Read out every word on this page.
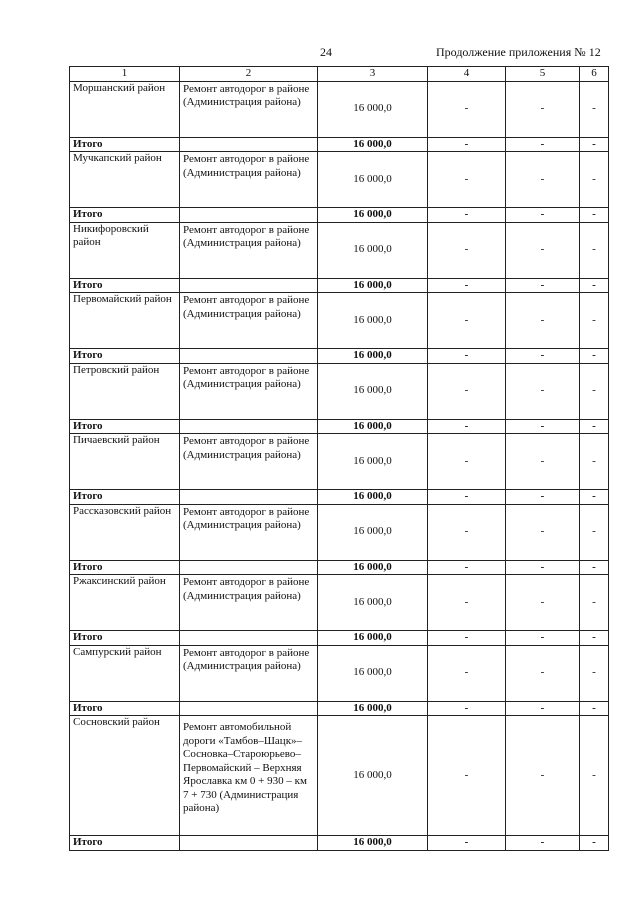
24	Продолжение приложения № 12
1	2	3	4	5	6
Моршанский район	Ремонт автодорог в районе (Администрация района)	16 000,0	-	-	-
Итого		16 000,0	-	-	-
Мучкапский район	Ремонт автодорог в районе (Администрация района)	16 000,0	-	-	-
Итого		16 000,0	-	-	-
Никифоровский район	Ремонт автодорог в районе (Администрация района)	16 000,0	-	-	-
Итого		16 000,0	-	-	-
Первомайский район	Ремонт автодорог в районе (Администрация района)	16 000,0	-	-	-
Итого		16 000,0	-	-	-
Петровский район	Ремонт автодорог в районе (Администрация района)	16 000,0	-	-	-
Итого		16 000,0	-	-	-
Пичаевский район	Ремонт автодорог в районе (Администрация района)	16 000,0	-	-	-
Итого		16 000,0	-	-	-
Рассказовский район	Ремонт автодорог в районе (Администрация района)	16 000,0	-	-	-
Итого		16 000,0	-	-	-
Ржаксинский район	Ремонт автодорог в районе (Администрация района)	16 000,0	-	-	-
Итого		16 000,0	-	-	-
Сампурский район	Ремонт автодорог в районе (Администрация района)	16 000,0	-	-	-
Итого		16 000,0	-	-	-
Сосновский район	Ремонт автомобильной дороги «Тамбов–Шацк»–Сосновка–Староюрьево–Первомайский – Верхняя Ярославка км 0 + 930 – км 7 + 730 (Администрация района)	16 000,0	-	-	-
Итого		16 000,0	-	-	-
